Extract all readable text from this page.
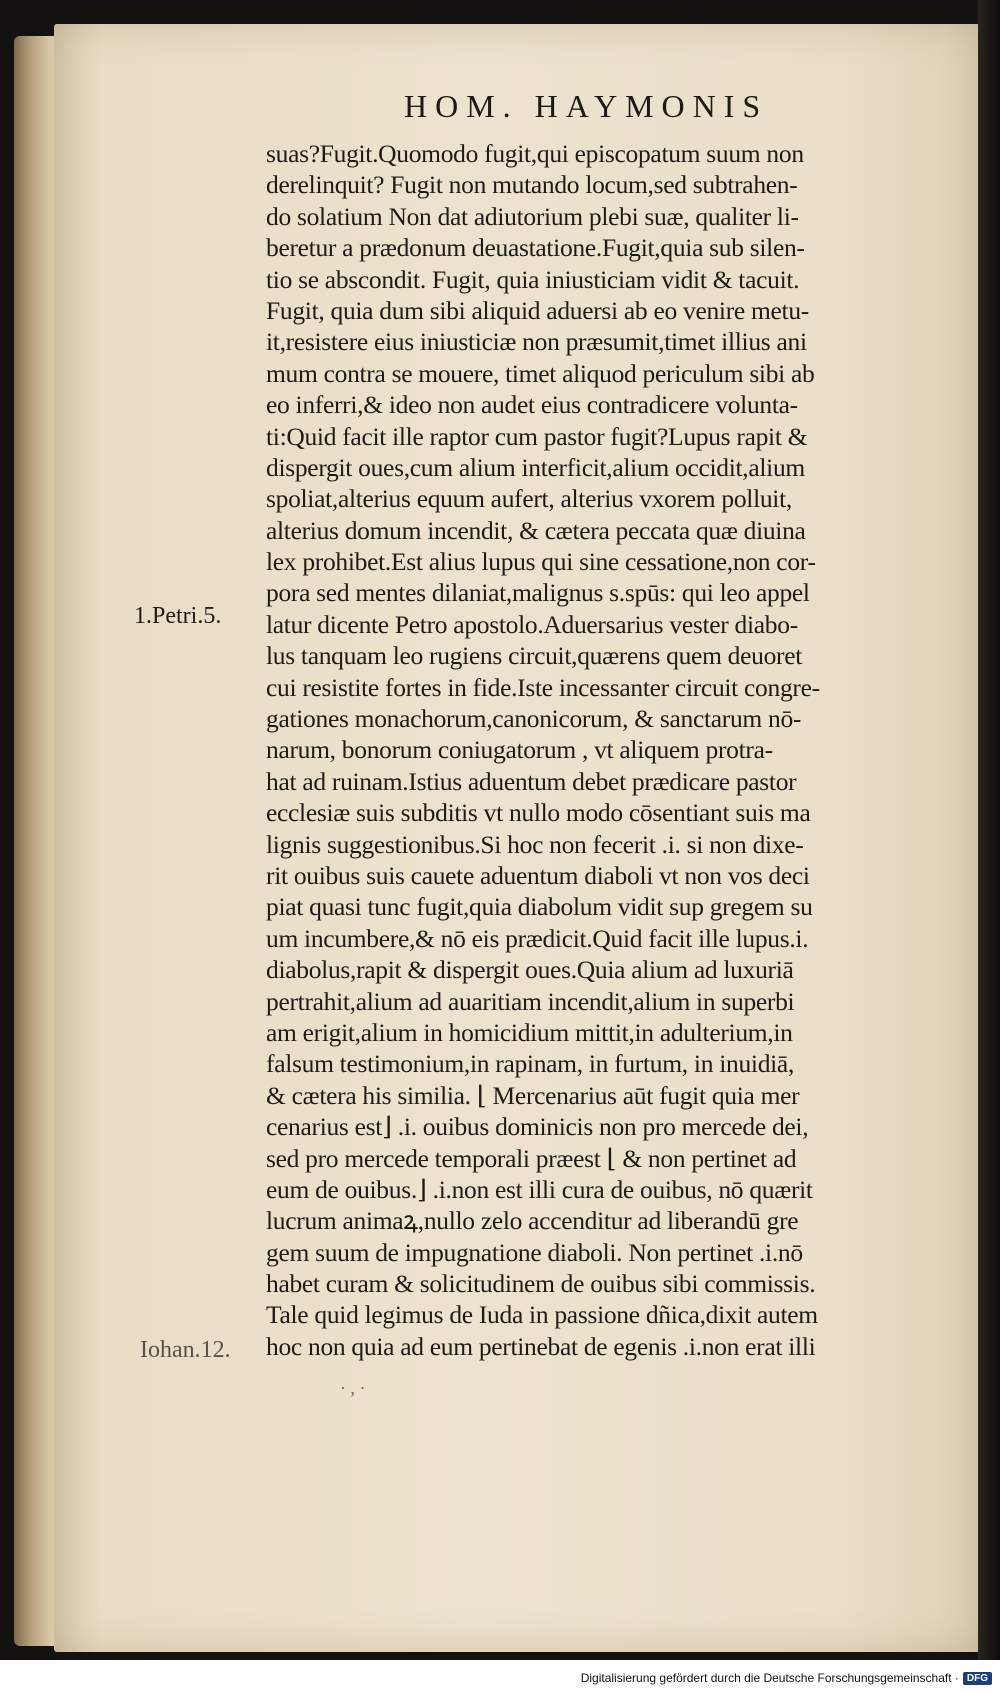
HOM. HAYMONIS
suas?Fugit.Quomodo fugit,qui episcopatum suum non
derelinquit? Fugit non mutando locum,sed subtrahen-
do solatium Non dat adiutorium plebi suæ, qualiter li-
beretur a prædonum deuastatione.Fugit,quia sub silen-
tio se abscondit. Fugit, quia iniusticiam vidit & tacuit.
Fugit, quia dum sibi aliquid aduersi ab eo venire metu-
it,resistere eius iniusticiæ non præsumit,timet illius ani
mum contra se mouere, timet aliquod periculum sibi ab
eo inferri,& ideo non audet eius contradicere volunta-
ti:Quid facit ille raptor cum pastor fugit?Lupus rapit &
dispergit oues,cum alium interficit,alium occidit,alium
spoliat,alterius equum aufert, alterius vxorem polluit,
alterius domum incendit, & cætera peccata quæ diuina
lex prohibet.Est alius lupus qui sine cessatione,non cor-
pora sed mentes dilaniat,malignus s.spūs: qui leo appel
latur dicente Petro apostolo.Aduersarius vester diabo-
lus tanquam leo rugiens circuit,quærens quem deuoret
cui resistite fortes in fide.Iste incessanter circuit congre-
gationes monachorum,canonicorum, & sanctarum nō-
narum, bonorum coniugatorum , vt aliquem protra-
hat ad ruinam.Istius aduentum debet prædicare pastor
ecclesiæ suis subditis vt nullo modo cōsentiant suis ma
lignis suggestionibus.Si hoc non fecerit .i. si non dixe-
rit ouibus suis cauete aduentum diaboli vt non vos deci
piat quasi tunc fugit,quia diabolum vidit sup gregem su
um incumbere,& nō eis prædicit.Quid facit ille lupus.i.
diabolus,rapit & dispergit oues.Quia alium ad luxuriā
pertrahit,alium ad auaritiam incendit,alium in superbi
am erigit,alium in homicidium mittit,in adulterium,in
falsum testimonium,in rapinam, in furtum, in inuidiā,
& cætera his similia. ⌊ Mercenarius aūt fugit quia mer
cenarius est⌋ .i. ouibus dominicis non pro mercede dei,
sed pro mercede temporali præest ⌊ & non pertinet ad
eum de ouibus.⌋ .i.non est illi cura de ouibus, nō quærit
lucrum animaꝝ,nullo zelo accenditur ad liberandū gre
gem suum de impugnatione diaboli. Non pertinet .i.nō
habet curam & solicitudinem de ouibus sibi commissis.
Tale quid legimus de Iuda in passione dñica,dixit autem
hoc non quia ad eum pertinebat de egenis .i.non erat illi
1.Petri.5.
Iohan.12.
· , ·
Digitalisierung gefördert durch die Deutsche Forschungsgemeinschaft · DFG
